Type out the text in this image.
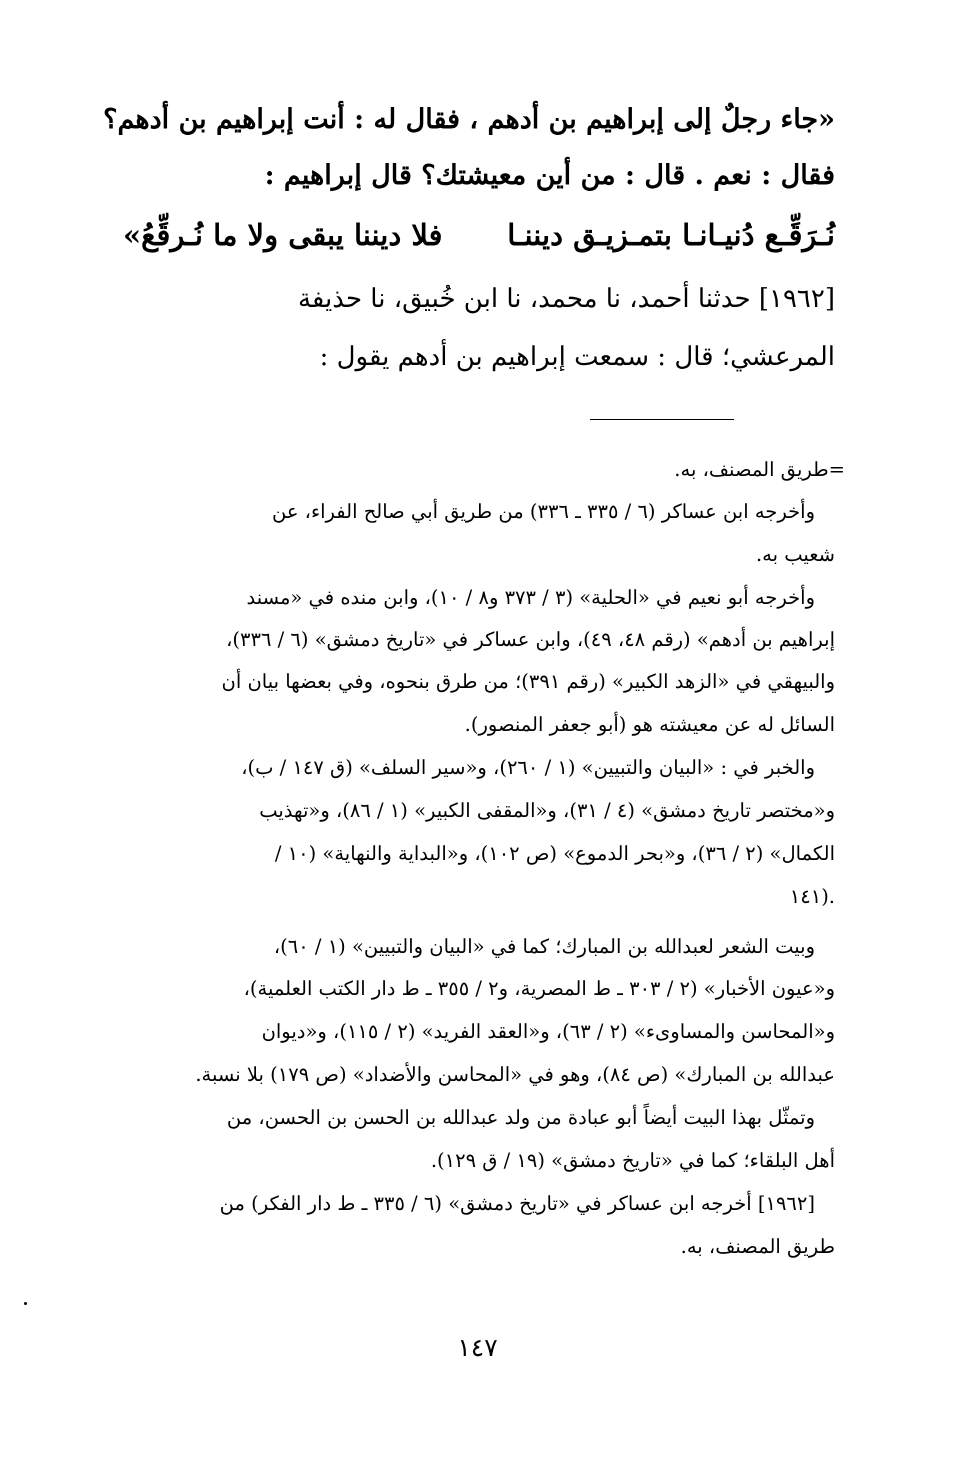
«جاء رجلٌ إلى إبراهيم بن أدهم ، فقال له : أنت إبراهيم بن أدهم؟
فقال : نعم . قال : من أين معيشتك؟ قال إبراهيم :
نُـرَقِّـع دُنيـانـا بتمـزيـق ديننـا
فلا ديننا يبقى ولا ما نُـرقِّعُ»
[١٩٦٢] حدثنا أحمد، نا محمد، نا ابن خُبيق، نا حذيفة
المرعشي؛ قال : سمعت إبراهيم بن أدهم يقول :
=طريق المصنف، به.
وأخرجه ابن عساكر (٦ / ٣٣٥ ـ ٣٣٦) من طريق أبي صالح الفراء، عن
شعيب به.
وأخرجه أبو نعيم في «الحلية» (٣ / ٣٧٣ و٨ / ١٠)، وابن منده في «مسند
إبراهيم بن أدهم» (رقم ٤٨، ٤٩)، وابن عساكر في «تاريخ دمشق» (٦ / ٣٣٦)،
والبيهقي في «الزهد الكبير» (رقم ٣٩١)؛ من طرق بنحوه، وفي بعضها بيان أن
السائل له عن معيشته هو (أبو جعفر المنصور).
والخبر في : «البيان والتبيين» (١ / ٢٦٠)، و«سير السلف» (ق ١٤٧ / ب)،
و«مختصر تاريخ دمشق» (٤ / ٣١)، و«المقفى الكبير» (١ / ٨٦)، و«تهذيب
الكمال» (٢ / ٣٦)، و«بحر الدموع» (ص ١٠٢)، و«البداية والنهاية» (١٠ /
١٤١).
وبيت الشعر لعبدالله بن المبارك؛ كما في «البيان والتبيين» (١ / ٦٠)،
و«عيون الأخبار» (٢ / ٣٠٣ ـ ط المصرية، و٢ / ٣٥٥ ـ ط دار الكتب العلمية)،
و«المحاسن والمساوىء» (٢ / ٦٣)، و«العقد الفريد» (٢ / ١١٥)، و«ديوان
عبدالله بن المبارك» (ص ٨٤)، وهو في «المحاسن والأضداد» (ص ١٧٩) بلا نسبة.
وتمثّل بهذا البيت أيضاً أبو عبادة من ولد عبدالله بن الحسن بن الحسن، من
أهل البلقاء؛ كما في «تاريخ دمشق» (١٩ / ق ١٢٩).
[١٩٦٢] أخرجه ابن عساكر في «تاريخ دمشق» (٦ / ٣٣٥ ـ ط دار الفكر) من
طريق المصنف، به.
١٤٧
